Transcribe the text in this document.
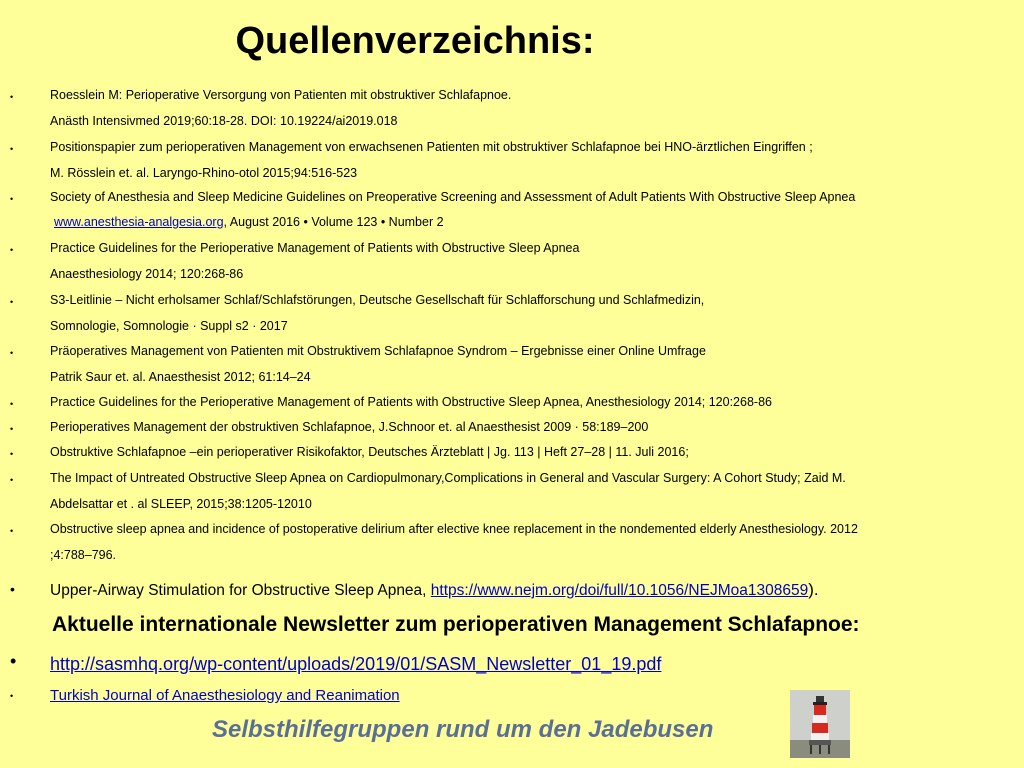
Quellenverzeichnis:
•	Roesslein M: Perioperative Versorgung von Patienten mit obstruktiver Schlafapnoe.
Anästh Intensivmed 2019;60:18-28. DOI: 10.19224/ai2019.018
•	Positionspapier zum perioperativen Management von erwachsenen Patienten mit obstruktiver Schlafapnoe bei HNO-ärztlichen Eingriffen ;
M. Rösslein et. al. Laryngo-Rhino-otol 2015;94:516-523
•	Society of Anesthesia and Sleep Medicine Guidelines on Preoperative Screening and Assessment of Adult Patients With Obstructive Sleep Apnea
www.anesthesia-analgesia.org, August 2016 • Volume 123 • Number 2
•	Practice Guidelines for the Perioperative Management of Patients with Obstructive Sleep Apnea
Anaesthesiology 2014; 120:268-86
•	S3-Leitlinie – Nicht erholsamer Schlaf/Schlafstörungen, Deutsche Gesellschaft für Schlafforschung und Schlafmedizin,
Somnologie, Somnologie · Suppl s2 · 2017
•	Präoperatives Management von Patienten mit Obstruktivem Schlafapnoe Syndrom – Ergebnisse einer Online Umfrage
Patrik Saur et. al. Anaesthesist 2012; 61:14–24
•	Practice Guidelines for the Perioperative Management of Patients with Obstructive Sleep Apnea, Anesthesiology 2014; 120:268-86
•	Perioperatives Management der obstruktiven Schlafapnoe, J.Schnoor et. al Anaesthesist 2009 · 58:189–200
•	Obstruktive Schlafapnoe –ein perioperativer Risikofaktor, Deutsches Ärzteblatt | Jg. 113 | Heft 27–28 | 11. Juli 2016;
•	The Impact of Untreated Obstructive Sleep Apnea on Cardiopulmonary,Complications in General and Vascular Surgery: A Cohort Study; Zaid M.
Abdelsattar et . al SLEEP, 2015;38:1205-12010
•	Obstructive sleep apnea and incidence of postoperative delirium after elective knee replacement in the nondemented elderly Anesthesiology. 2012
;4:788–796.
• Upper-Airway Stimulation for Obstructive Sleep Apnea, https://www.nejm.org/doi/full/10.1056/NEJMoa1308659).
Aktuelle internationale Newsletter zum perioperativen Management Schlafapnoe:
• http://sasmhq.org/wp-content/uploads/2019/01/SASM_Newsletter_01_19.pdf
• Turkish Journal of Anaesthesiology and Reanimation
Selbsthilfegruppen rund um den Jadebusen
